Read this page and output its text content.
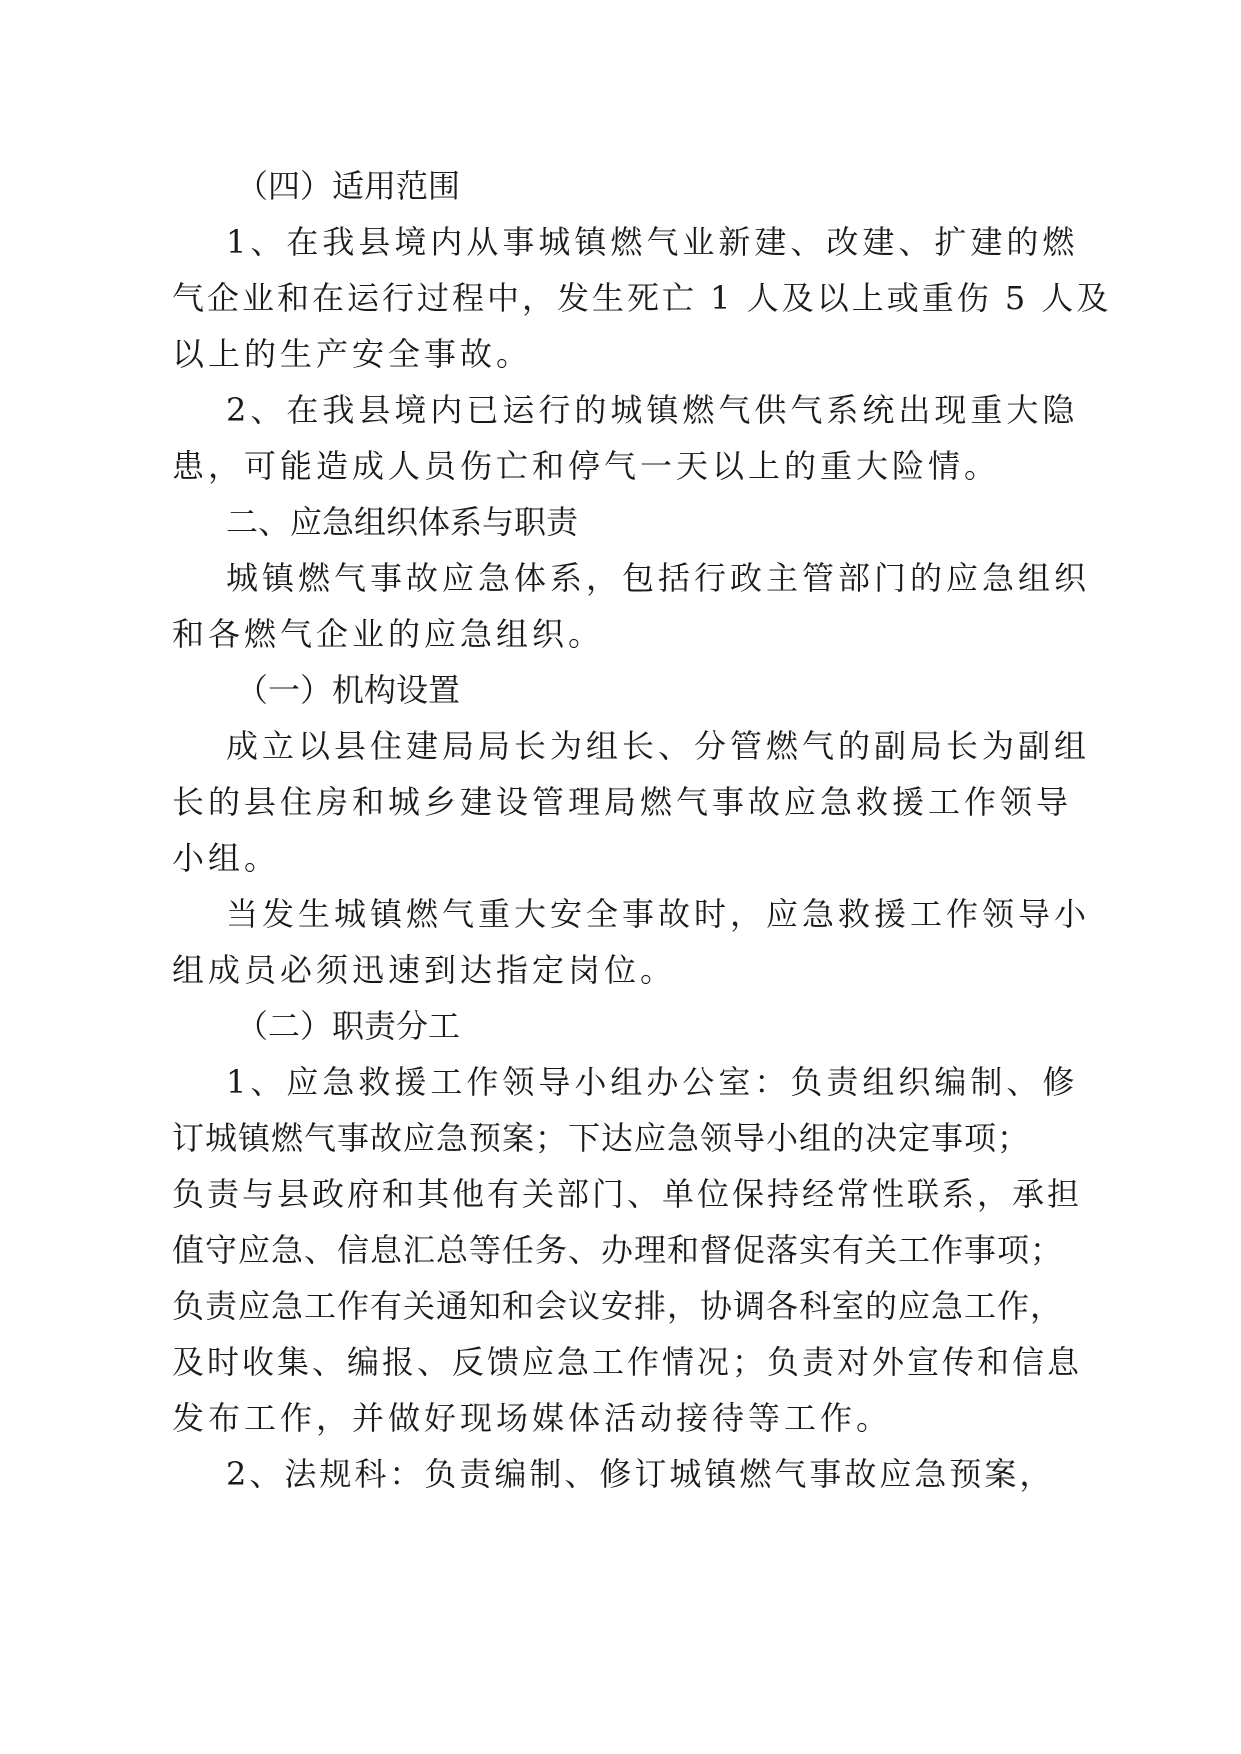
（四）适用范围
1、在我县境内从事城镇燃气业新建、改建、扩建的燃
气企业和在运行过程中，发生死亡 1 人及以上或重伤 5 人及
以上的生产安全事故。
2、在我县境内已运行的城镇燃气供气系统出现重大隐
患，可能造成人员伤亡和停气一天以上的重大险情。
二、应急组织体系与职责
城镇燃气事故应急体系，包括行政主管部门的应急组织
和各燃气企业的应急组织。
（一）机构设置
成立以县住建局局长为组长、分管燃气的副局长为副组
长的县住房和城乡建设管理局燃气事故应急救援工作领导
小组。
当发生城镇燃气重大安全事故时，应急救援工作领导小
组成员必须迅速到达指定岗位。
（二）职责分工
1、应急救援工作领导小组办公室：负责组织编制、修
订城镇燃气事故应急预案；下达应急领导小组的决定事项；
负责与县政府和其他有关部门、单位保持经常性联系，承担
值守应急、信息汇总等任务、办理和督促落实有关工作事项；
负责应急工作有关通知和会议安排，协调各科室的应急工作，
及时收集、编报、反馈应急工作情况；负责对外宣传和信息
发布工作，并做好现场媒体活动接待等工作。
2、法规科：负责编制、修订城镇燃气事故应急预案，
